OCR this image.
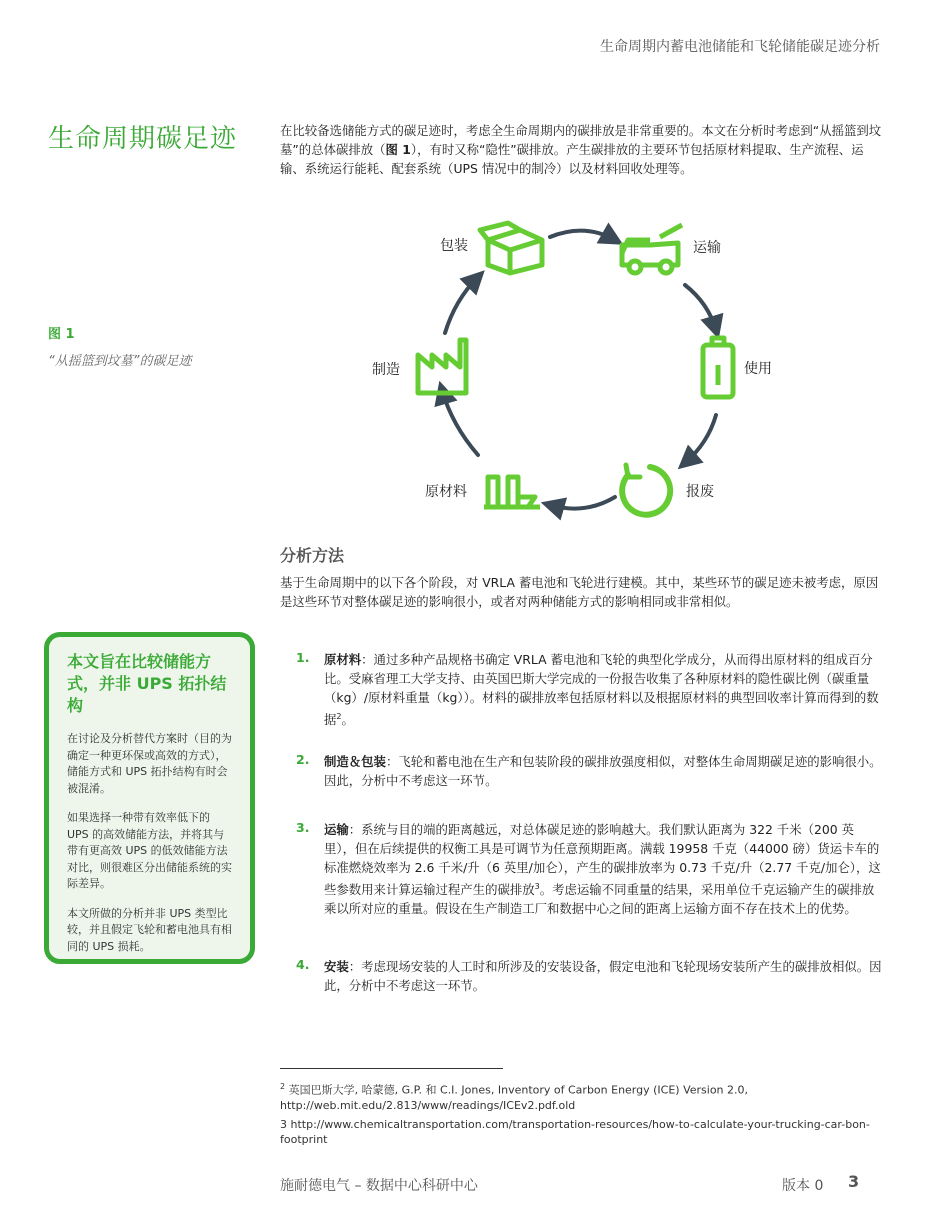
生命周期内蓄电池储能和飞轮储能碳足迹分析
生命周期碳足迹	在比较备选储能方式的碳足迹时，考虑全生命周期内的碳排放是非常重要的。本文在分析时考虑到“从摇篮到坟墓”的总体碳排放（图 1），有时又称“隐性”碳排放。产生碳排放的主要环节包括原材料提取、生产流程、运输、系统运行能耗、配套系统（UPS 情况中的制冷）以及材料回收处理等。
图 1
“从摇篮到坟墓”的碳足迹
包装	运输
使用
报废
原材料
制造
分析方法
基于生命周期中的以下各个阶段，对 VRLA 蓄电池和飞轮进行建模。其中，某些环节的碳足迹未被考虑，原因是这些环节对整体碳足迹的影响很小，或者对两种储能方式的影响相同或非常相似。
本文旨在比较储能方式，并非 UPS 拓扑结构

在讨论及分析替代方案时（目的为确定一种更环保或高效的方式），储能方式和 UPS 拓扑结构有时会被混淆。

如果选择一种带有效率低下的 UPS 的高效储能方法，并将其与带有更高效 UPS 的低效储能方法对比，则很难区分出储能系统的实际差异。

本文所做的分析并非 UPS 类型比较，并且假定飞轮和蓄电池具有相同的 UPS 损耗。

1. 原材料：通过多种产品规格书确定 VRLA 蓄电池和飞轮的典型化学成分，从而得出原材料的组成百分比。受麻省理工大学支持、由英国巴斯大学完成的一份报告收集了各种原材料的隐性碳比例（碳重量（kg）/原材料重量（kg））。材料的碳排放率包括原材料以及根据原材料的典型回收率计算而得到的数据$^2$。
2. 制造＆包装：飞轮和蓄电池在生产和包装阶段的碳排放强度相似，对整体生命周期碳足迹的影响很小。因此，分析中不考虑这一环节。
3. 运输：系统与目的端的距离越远，对总体碳足迹的影响越大。我们默认距离为 322 千米（200 英里），但在后续提供的权衡工具是可调节为任意预期距离。满载 19958 千克（44000 磅）货运卡车的标准燃烧效率为 2.6 千米/升（6 英里/加仑），产生的碳排放率为 0.73 千克/升（2.77 千克/加仑），这些参数用来计算运输过程产生的碳排放$^3$。考虑运输不同重量的结果，采用单位千克运输产生的碳排放乘以所对应的重量。假设在生产制造工厂和数据中心之间的距离上运输方面不存在技术上的优势。
4. 安装：考虑现场安装的人工时和所涉及的安装设备，假定电池和飞轮现场安装所产生的碳排放相似。因此，分析中不考虑这一环节。
$^2$ 英国巴斯大学, 哈蒙德, G.P. 和 C.I. Jones, Inventory of Carbon Energy (ICE) Version 2.0, http://web.mit.edu/2.813/www/readings/ICEv2.pdf.old
3 http://www.chemicaltransportation.com/transportation-resources/how-to-calculate-your-trucking-car-bon-footprint
施耐德电气 – 数据中心科研中心	版本 0 3
